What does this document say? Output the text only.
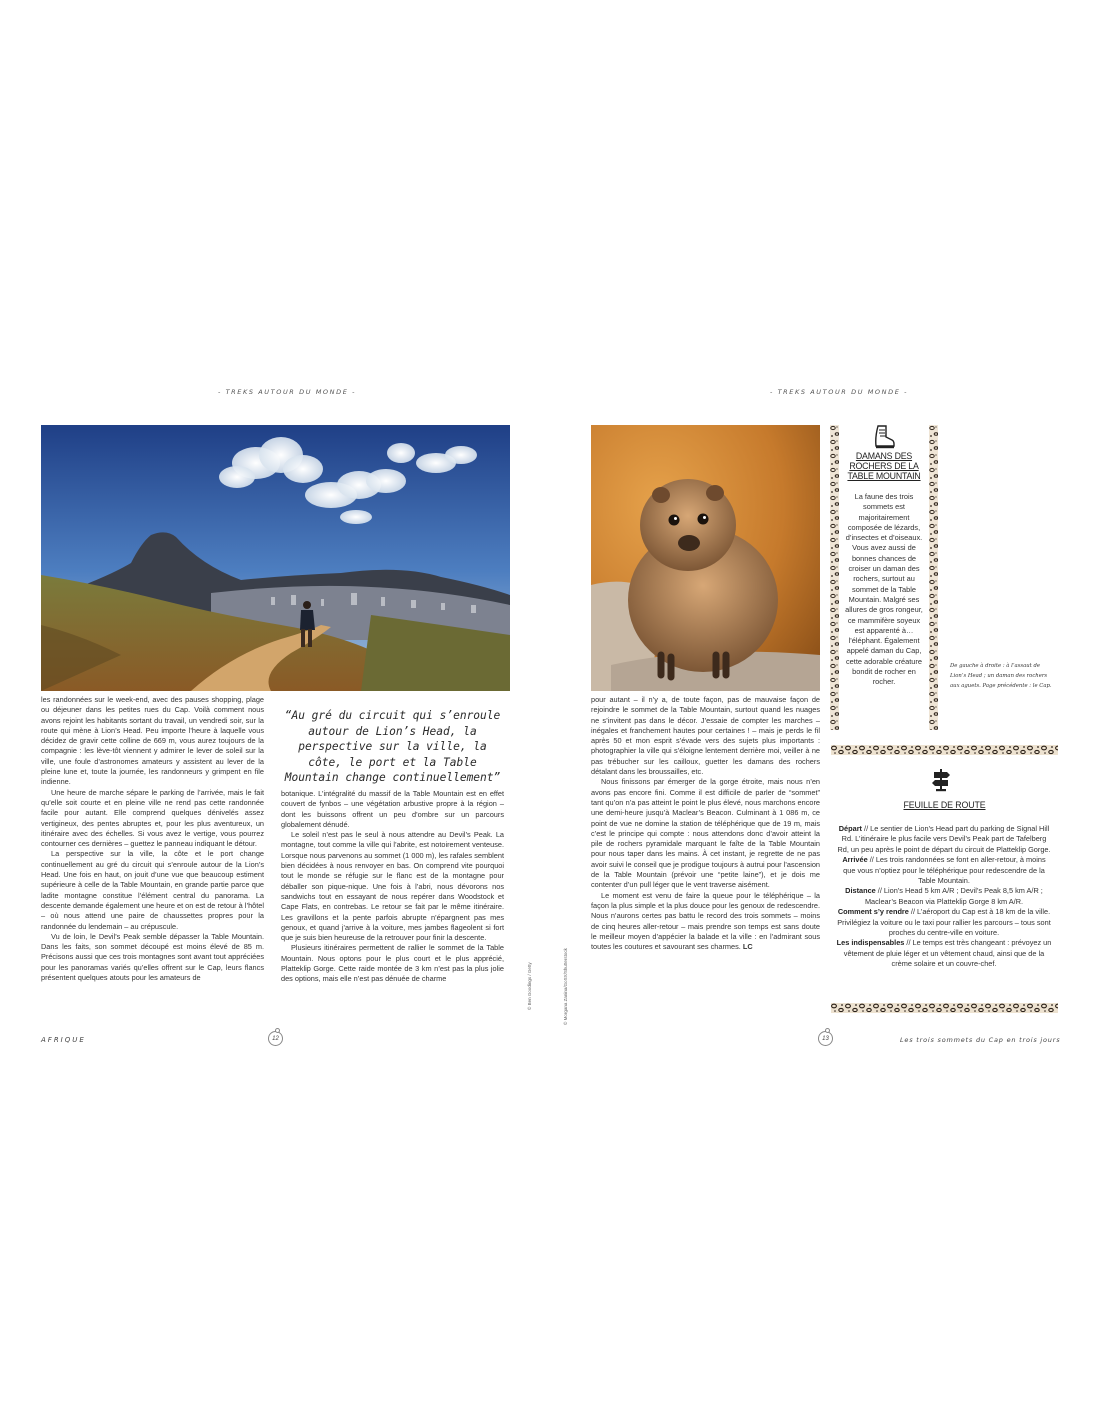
- TREKS AUTOUR DU MONDE -	- TREKS AUTOUR DU MONDE -

les randonnées sur le week-end, avec des pauses shopping, plage ou déjeuner dans les petites rues du Cap. Voilà comment nous avons rejoint les habitants sortant du travail, un vendredi soir, sur la route qui mène à Lion’s Head. Peu importe l’heure à laquelle vous décidez de gravir cette colline de 669 m, vous aurez toujours de la compagnie : les lève-tôt viennent y admirer le lever de soleil sur la ville, une foule d’astronomes amateurs y assistent au lever de la pleine lune et, toute la journée, les randonneurs y grimpent en file indienne.

Une heure de marche sépare le parking de l’arrivée, mais le fait qu’elle soit courte et en pleine ville ne rend pas cette randonnée facile pour autant. Elle comprend quelques dénivelés assez vertigineux, des pentes abruptes et, pour les plus aventureux, un itinéraire avec des échelles. Si vous avez le vertige, vous pourrez contourner ces dernières – guettez le panneau indiquant le détour.

La perspective sur la ville, la côte et le port change continuellement au gré du circuit qui s’enroule autour de la Lion’s Head. Une fois en haut, on jouit d’une vue que beaucoup estiment supérieure à celle de la Table Mountain, en grande partie parce que ladite montagne constitue l’élément central du panorama. La descente demande également une heure et on est de retour à l’hôtel – où nous attend une paire de chaussettes propres pour la randonnée du lendemain – au crépuscule.

Vu de loin, le Devil’s Peak semble dépasser la Table Mountain. Dans les faits, son sommet découpé est moins élevé de 85 m. Précisons aussi que ces trois montagnes sont avant tout appréciées pour les panoramas variés qu’elles offrent sur le Cap, leurs flancs présentent quelques atouts pour les amateurs de

“Au gré du circuit qui s’enroule autour de Lion’s Head, la perspective sur la ville, la côte, le port et la Table Mountain change continuellement”

botanique. L’intégralité du massif de la Table Mountain est en effet couvert de fynbos – une végétation arbustive propre à la région – dont les buissons offrent un peu d’ombre sur un parcours globalement dénudé.

Le soleil n’est pas le seul à nous attendre au Devil’s Peak. La montagne, tout comme la ville qui l’abrite, est notoirement venteuse. Lorsque nous parvenons au sommet (1 000 m), les rafales semblent bien décidées à nous renvoyer en bas. On comprend vite pourquoi tout le monde se réfugie sur le flanc est de la montagne pour déballer son pique-nique. Une fois à l’abri, nous dévorons nos sandwichs tout en essayant de nous repérer dans Woodstock et Cape Flats, en contrebas. Le retour se fait par le même itinéraire. Les gravillons et la pente parfois abrupte n’épargnent pas mes genoux, et quand j’arrive à la voiture, mes jambes flageolent si fort que je suis bien heureuse de la retrouver pour finir la descente.

Plusieurs itinéraires permettent de rallier le sommet de la Table Mountain. Nous optons pour le plus court et le plus apprécié, Platteklip Gorge. Cette raide montée de 3 km n’est pas la plus jolie des options, mais elle n’est pas dénuée de charme	© Ben Goodings / Getty	© Morgana Zanina/GoSX/Shutterstock

pour autant – il n’y a, de toute façon, pas de mauvaise façon de rejoindre le sommet de la Table Mountain, surtout quand les nuages ne s’invitent pas dans le décor. J’essaie de compter les marches – inégales et franchement hautes pour certaines ! – mais je perds le fil après 50 et mon esprit s’évade vers des sujets plus importants : photographier la ville qui s’éloigne lentement derrière moi, veiller à ne pas trébucher sur les cailloux, guetter les damans des rochers détalant dans les broussailles, etc.

Nous finissons par émerger de la gorge étroite, mais nous n’en avons pas encore fini. Comme il est difficile de parler de “sommet” tant qu’on n’a pas atteint le point le plus élevé, nous marchons encore une demi-heure jusqu’à Maclear’s Beacon. Culminant à 1 086 m, ce point de vue ne domine la station de téléphérique que de 19 m, mais c’est le principe qui compte : nous attendons donc d’avoir atteint la pile de rochers pyramidale marquant le faîte de la Table Mountain pour nous taper dans les mains. À cet instant, je regrette de ne pas avoir suivi le conseil que je prodigue toujours à autrui pour l’ascension de la Table Mountain (prévoir une “petite laine”), et je dois me contenter d’un pull léger que le vent traverse aisément.

Le moment est venu de faire la queue pour le téléphérique – la façon la plus simple et la plus douce pour les genoux de redescendre. Nous n’aurons certes pas battu le record des trois sommets – moins de cinq heures aller-retour – mais prendre son temps est sans doute le meilleur moyen d’appécier la balade et la ville : en l’admirant sous toutes les coutures et savourant ses charmes. LC

DAMANS DES ROCHERS DE LA TABLE MOUNTAIN
La faune des trois sommets est majoritairement composée de lézards, d’insectes et d’oiseaux. Vous avez aussi de bonnes chances de croiser un daman des rochers, surtout au sommet de la Table Mountain. Malgré ses allures de gros rongeur, ce mammifère soyeux est apparenté à… l’éléphant. Également appelé daman du Cap, cette adorable créature bondit de rocher en rocher.
De gauche à droite : à l’assaut de Lion’s Head ; un daman des rochers aux aguets. Page précédente : le Cap.
FEUILLE DE ROUTE

Départ // Le sentier de Lion’s Head part du parking de Signal Hill Rd. L’itinéraire le plus facile vers Devil’s Peak part de Tafelberg Rd, un peu après le point de départ du circuit de Platteklip Gorge.

Arrivée // Les trois randonnées se font en aller-retour, à moins que vous n’optiez pour le téléphérique pour redescendre de la Table Mountain.

Distance // Lion’s Head 5 km A/R ; Devil’s Peak 8,5 km A/R ; Maclear’s Beacon via Platteklip Gorge 8 km A/R.

Comment s’y rendre // L’aéroport du Cap est à 18 km de la ville. Privilégiez la voiture ou le taxi pour rallier les parcours – tous sont proches du centre-ville en voiture.

Les indispensables // Le temps est très changeant : prévoyez un vêtement de pluie léger et un vêtement chaud, ainsi que de la crème solaire et un couvre-chef.

AFRIQUE	12	13	Les trois sommets du Cap en trois jours
